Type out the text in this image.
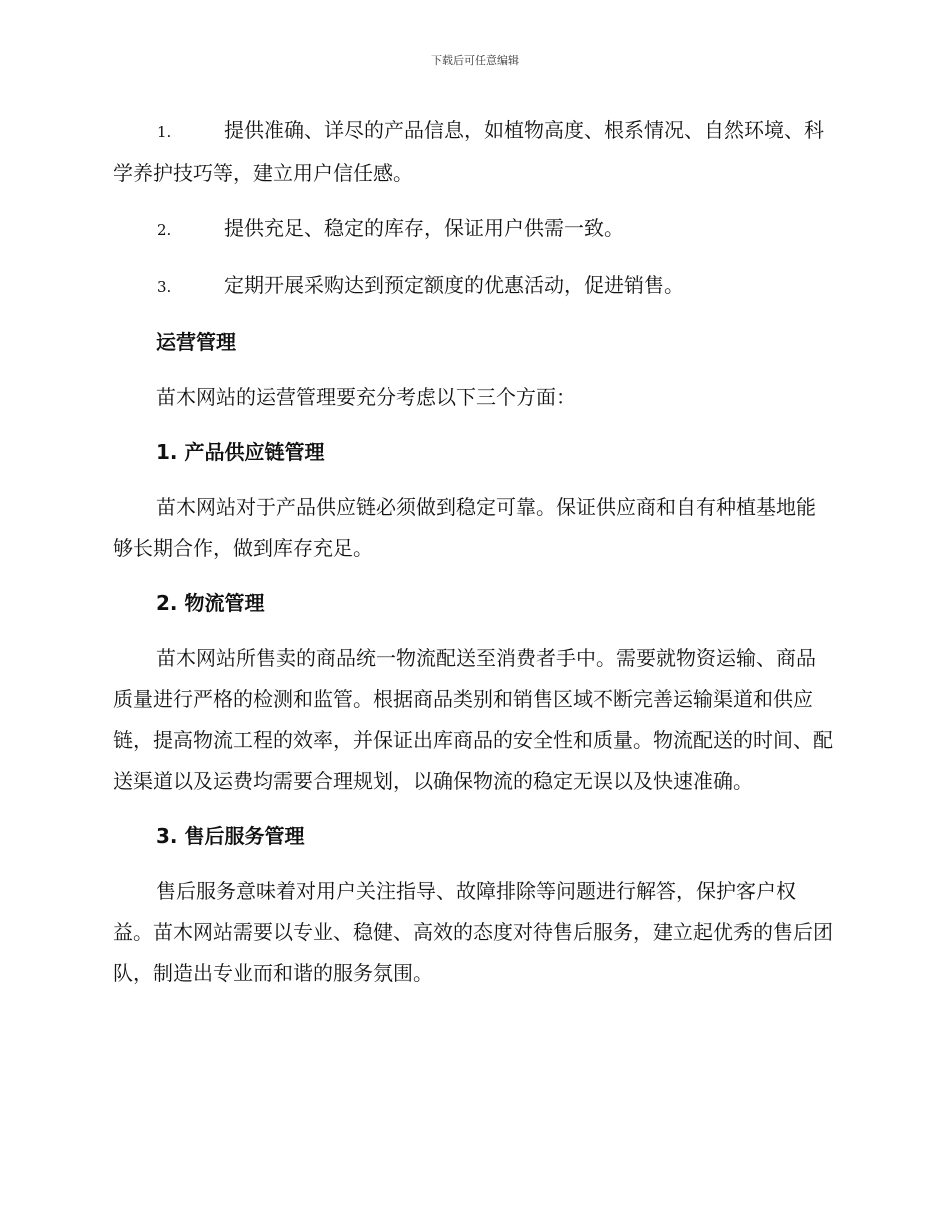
下载后可任意编辑
1.	提供准确、详尽的产品信息，如植物高度、根系情况、自然环境、科学养护技巧等，建立用户信任感。
2.	提供充足、稳定的库存，保证用户供需一致。
3.	定期开展采购达到预定额度的优惠活动，促进销售。
运营管理

苗木网站的运营管理要充分考虑以下三个方面：

1. 产品供应链管理

苗木网站对于产品供应链必须做到稳定可靠。保证供应商和自有种植基地能够长期合作，做到库存充足。

2. 物流管理

苗木网站所售卖的商品统一物流配送至消费者手中。需要就物资运输、商品质量进行严格的检测和监管。根据商品类别和销售区域不断完善运输渠道和供应链，提高物流工程的效率，并保证出库商品的安全性和质量。物流配送的时间、配送渠道以及运费均需要合理规划，以确保物流的稳定无误以及快速准确。

3. 售后服务管理

售后服务意味着对用户关注指导、故障排除等问题进行解答，保护客户权益。苗木网站需要以专业、稳健、高效的态度对待售后服务，建立起优秀的售后团队，制造出专业而和谐的服务氛围。
